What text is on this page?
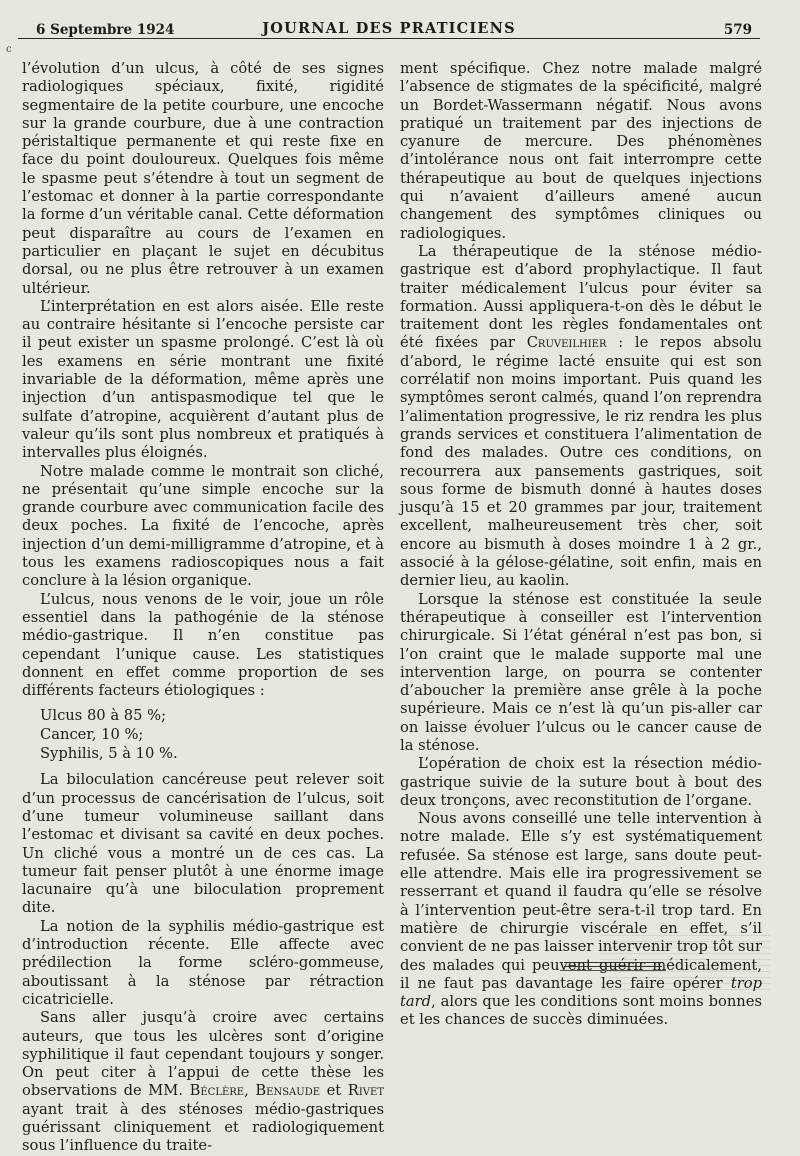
6 Septembre 1924	JOURNAL DES PRATICIENS	579
c

l’évolution d’un ulcus, à côté de ses signes radiologiques spéciaux, fixité, rigidité segmentaire de la petite courbure, une encoche sur la grande courbure, due à une contraction péristaltique permanente et qui reste fixe en face du point douloureux. Quelques fois même le spasme peut s’étendre à tout un segment de l’estomac et donner à la partie correspondante la forme d’un véritable canal. Cette déformation peut disparaître au cours de l’examen en particulier en plaçant le sujet en décubitus dorsal, ou ne plus être retrouver à un examen ultérieur.

L’interprétation en est alors aisée. Elle reste au contraire hésitante si l’encoche persiste car il peut exister un spasme prolongé. C’est là où les examens en série montrant une fixité invariable de la déformation, même après une injection d’un antispasmodique tel que le sulfate d’atropine, acquièrent d’autant plus de valeur qu’ils sont plus nombreux et pratiqués à intervalles plus éloignés.

Notre malade comme le montrait son cliché, ne présentait qu’une simple encoche sur la grande courbure avec communication facile des deux poches. La fixité de l’encoche, après injection d’un demi-milligramme d’atropine, et à tous les examens radioscopiques nous a fait conclure à la lésion organique.

L’ulcus, nous venons de le voir, joue un rôle essentiel dans la pathogénie de la sténose médio-gastrique. Il n’en constitue pas cependant l’unique cause. Les statistiques donnent en effet comme proportion de ses différents facteurs étiologiques :

Ulcus 80 à 85 %;
Cancer, 10 %;
Syphilis, 5 à 10 %.

La biloculation cancéreuse peut relever soit d’un processus de cancérisation de l’ulcus, soit d’une tumeur volumineuse saillant dans l’estomac et divisant sa cavité en deux poches. Un cliché vous a montré un de ces cas. La tumeur fait penser plutôt à une énorme image lacunaire qu’à une biloculation proprement dite.

La notion de la syphilis médio-gastrique est d’introduction récente. Elle affecte avec prédilection la forme scléro-gommeuse, aboutissant à la sténose par rétraction cicatricielle.

Sans aller jusqu’à croire avec certains auteurs, que tous les ulcères sont d’origine syphilitique il faut cependant toujours y songer. On peut citer à l’appui de cette thèse les observations de MM. Béclère, Bensaude et Rivet ayant trait à des sténoses médio-gastriques guérissant cliniquement et radiologiquement sous l’influence du traite-

ment spécifique. Chez notre malade malgré l’absence de stigmates de la spécificité, malgré un Bordet-Wassermann négatif. Nous avons pratiqué un traitement par des injections de cyanure de mercure. Des phénomènes d’intolérance nous ont fait interrompre cette thérapeutique au bout de quelques injections qui n’avaient d’ailleurs amené aucun changement des symptômes cliniques ou radiologiques.

La thérapeutique de la sténose médio-gastrique est d’abord prophylactique. Il faut traiter médicalement l’ulcus pour éviter sa formation. Aussi appliquera-t-on dès le début le traitement dont les règles fondamentales ont été fixées par Cruveilhier : le repos absolu d’abord, le régime lacté ensuite qui est son corrélatif non moins important. Puis quand les symptômes seront calmés, quand l’on reprendra l’alimentation progressive, le riz rendra les plus grands services et constituera l’alimentation de fond des malades. Outre ces conditions, on recourrera aux pansements gastriques, soit sous forme de bismuth donné à hautes doses jusqu’à 15 et 20 grammes par jour, traitement excellent, malheureusement très cher, soit encore au bismuth à doses moindre 1 à 2 gr., associé à la gélose-gélatine, soit enfin, mais en dernier lieu, au kaolin.

Lorsque la sténose est constituée la seule thérapeutique à conseiller est l’intervention chirurgicale. Si l’état général n’est pas bon, si l’on craint que le malade supporte mal une intervention large, on pourra se contenter d’aboucher la première anse grêle à la poche supérieure. Mais ce n’est là qu’un pis-aller car on laisse évoluer l’ulcus ou le cancer cause de la sténose.

L’opération de choix est la résection médio-gastrique suivie de la suture bout à bout des deux tronçons, avec reconstitution de l’organe.

Nous avons conseillé une telle intervention à notre malade. Elle s’y est systématiquement refusée. Sa sténose est large, sans doute peut-elle attendre. Mais elle ira progressivement se resserrant et quand il faudra qu’elle se résolve à l’intervention peut-être sera-t-il trop tard. En matière de chirurgie viscérale en effet, s’il convient de ne pas laisser intervenir trop tôt sur des malades qui peuvent guérir médicalement, il ne faut pas davantage les faire opérer trop tard, alors que les conditions sont moins bonnes et les chances de succès diminuées.
